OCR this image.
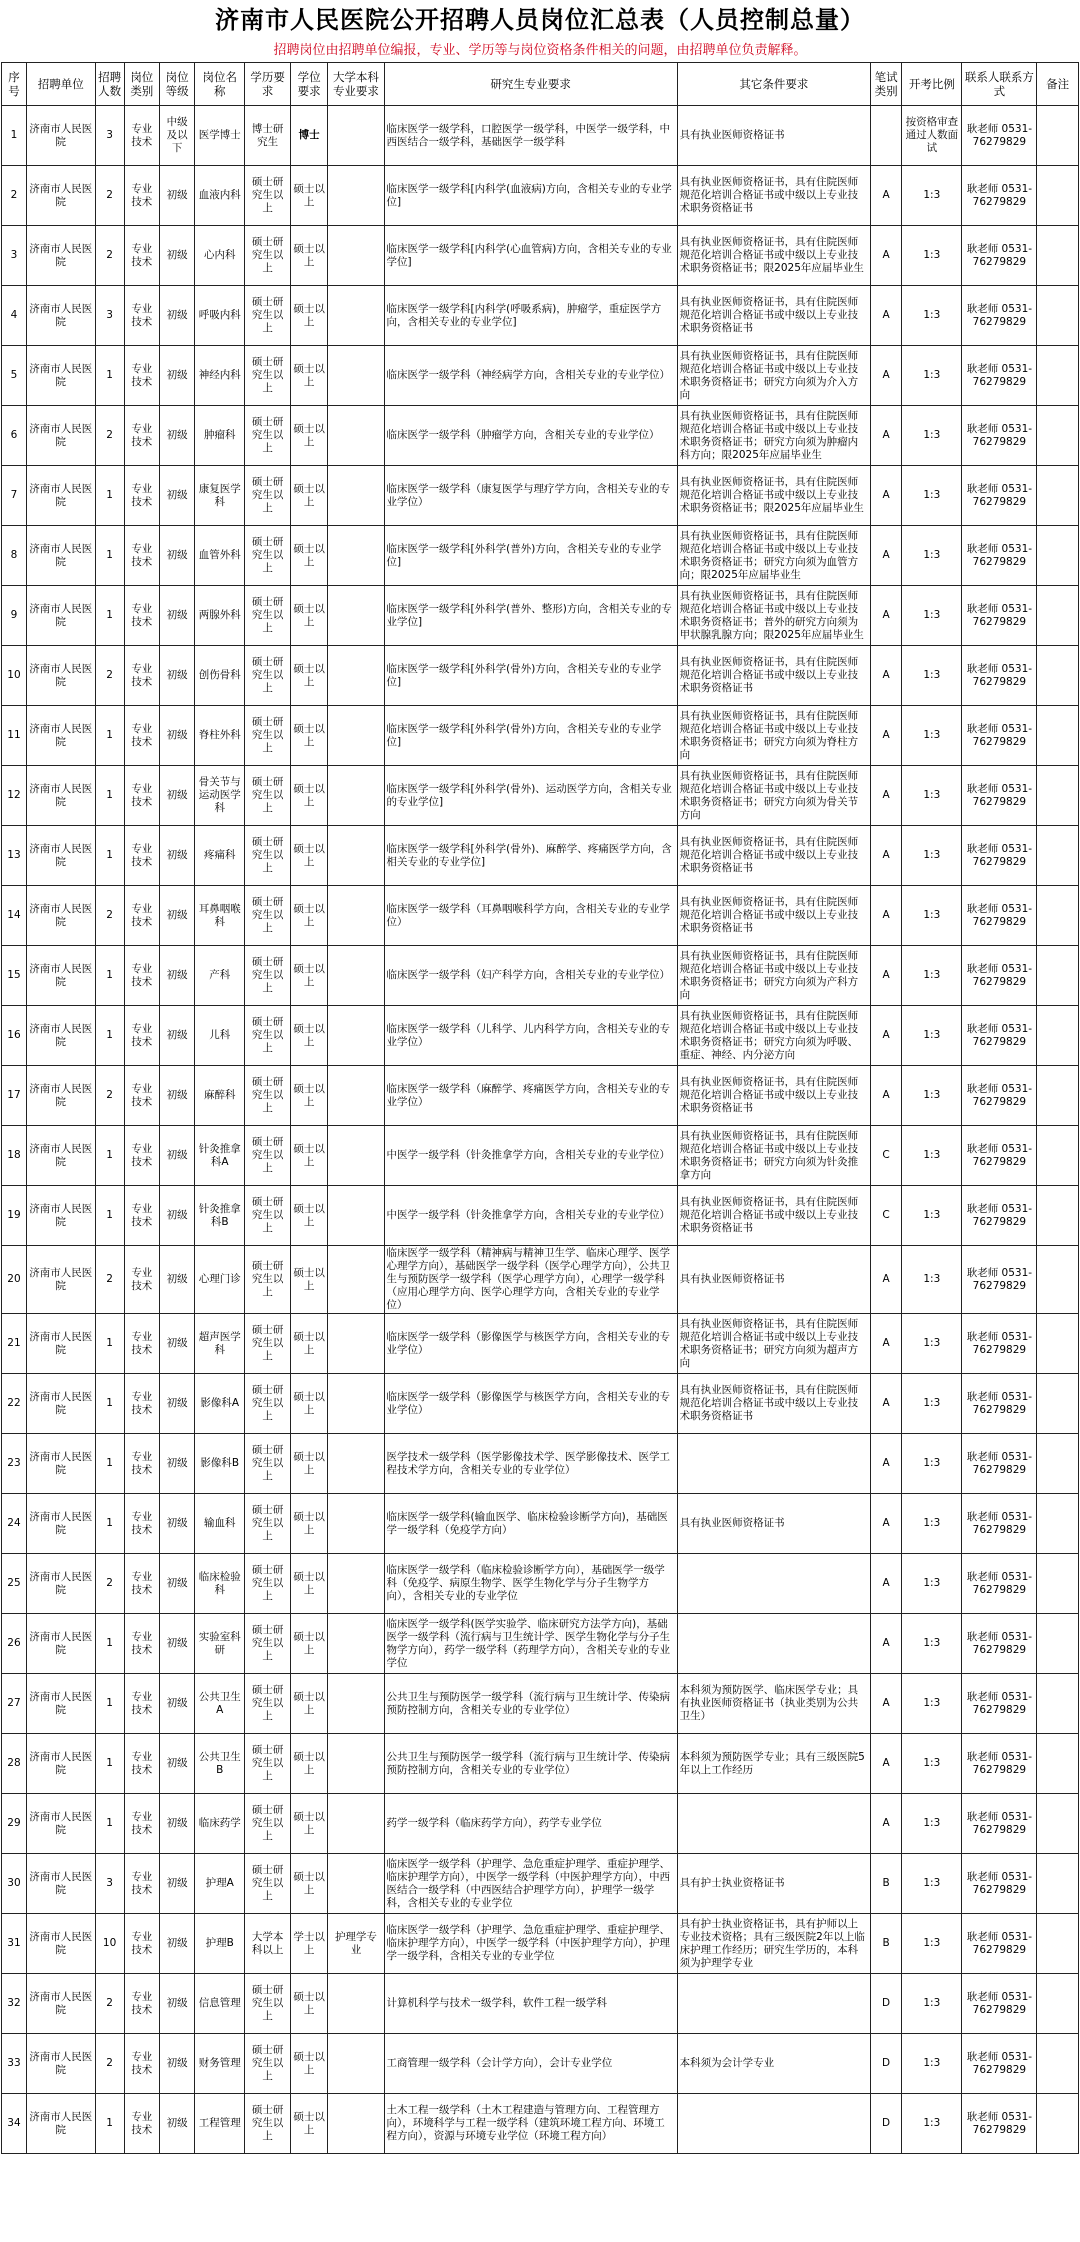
济南市人民医院公开招聘人员岗位汇总表（人员控制总量）
招聘岗位由招聘单位编报，专业、学历等与岗位资格条件相关的问题，由招聘单位负责解释。
序号	招聘单位	招聘人数	岗位类别	岗位等级	岗位名称	学历要求	学位要求	大学本科专业要求	研究生专业要求	其它条件要求	笔试类别	开考比例	联系人联系方式	备注
1	济南市人民医院	3	专业技术	中级及以下	医学博士	博士研究生	博士		临床医学一级学科，口腔医学一级学科，中医学一级学科，中西医结合一级学科，基础医学一级学科	具有执业医师资格证书		按资格审查通过人数面试	耿老师 0531-76279829	
2	济南市人民医院	2	专业技术	初级	血液内科	硕士研究生以上	硕士以上		临床医学一级学科[内科学(血液病)方向，含相关专业的专业学位]	具有执业医师资格证书，具有住院医师规范化培训合格证书或中级以上专业技术职务资格证书	A	1:3	耿老师 0531-76279829	
3	济南市人民医院	2	专业技术	初级	心内科	硕士研究生以上	硕士以上		临床医学一级学科[内科学(心血管病)方向，含相关专业的专业学位]	具有执业医师资格证书，具有住院医师规范化培训合格证书或中级以上专业技术职务资格证书；限2025年应届毕业生	A	1:3	耿老师 0531-76279829	
4	济南市人民医院	3	专业技术	初级	呼吸内科	硕士研究生以上	硕士以上		临床医学一级学科[内科学(呼吸系病)，肿瘤学，重症医学方向，含相关专业的专业学位]	具有执业医师资格证书，具有住院医师规范化培训合格证书或中级以上专业技术职务资格证书	A	1:3	耿老师 0531-76279829	
5	济南市人民医院	1	专业技术	初级	神经内科	硕士研究生以上	硕士以上		临床医学一级学科（神经病学方向，含相关专业的专业学位）	具有执业医师资格证书，具有住院医师规范化培训合格证书或中级以上专业技术职务资格证书；研究方向须为介入方向	A	1:3	耿老师 0531-76279829	
6	济南市人民医院	2	专业技术	初级	肿瘤科	硕士研究生以上	硕士以上		临床医学一级学科（肿瘤学方向，含相关专业的专业学位）	具有执业医师资格证书，具有住院医师规范化培训合格证书或中级以上专业技术职务资格证书；研究方向须为肿瘤内科方向；限2025年应届毕业生	A	1:3	耿老师 0531-76279829	
7	济南市人民医院	1	专业技术	初级	康复医学科	硕士研究生以上	硕士以上		临床医学一级学科（康复医学与理疗学方向，含相关专业的专业学位）	具有执业医师资格证书，具有住院医师规范化培训合格证书或中级以上专业技术职务资格证书；限2025年应届毕业生	A	1:3	耿老师 0531-76279829	
8	济南市人民医院	1	专业技术	初级	血管外科	硕士研究生以上	硕士以上		临床医学一级学科[外科学(普外)方向，含相关专业的专业学位]	具有执业医师资格证书，具有住院医师规范化培训合格证书或中级以上专业技术职务资格证书；研究方向须为血管方向；限2025年应届毕业生	A	1:3	耿老师 0531-76279829	
9	济南市人民医院	1	专业技术	初级	两腺外科	硕士研究生以上	硕士以上		临床医学一级学科[外科学(普外、整形)方向，含相关专业的专业学位]	具有执业医师资格证书，具有住院医师规范化培训合格证书或中级以上专业技术职务资格证书；普外的研究方向须为甲状腺乳腺方向；限2025年应届毕业生	A	1:3	耿老师 0531-76279829	
10	济南市人民医院	2	专业技术	初级	创伤骨科	硕士研究生以上	硕士以上		临床医学一级学科[外科学(骨外)方向，含相关专业的专业学位]	具有执业医师资格证书，具有住院医师规范化培训合格证书或中级以上专业技术职务资格证书	A	1:3	耿老师 0531-76279829	
11	济南市人民医院	1	专业技术	初级	脊柱外科	硕士研究生以上	硕士以上		临床医学一级学科[外科学(骨外)方向，含相关专业的专业学位]	具有执业医师资格证书，具有住院医师规范化培训合格证书或中级以上专业技术职务资格证书；研究方向须为脊柱方向	A	1:3	耿老师 0531-76279829	
12	济南市人民医院	1	专业技术	初级	骨关节与运动医学科	硕士研究生以上	硕士以上		临床医学一级学科[外科学(骨外)、运动医学方向，含相关专业的专业学位]	具有执业医师资格证书，具有住院医师规范化培训合格证书或中级以上专业技术职务资格证书；研究方向须为骨关节方向	A	1:3	耿老师 0531-76279829	
13	济南市人民医院	1	专业技术	初级	疼痛科	硕士研究生以上	硕士以上		临床医学一级学科[外科学(骨外)、麻醉学、疼痛医学方向，含相关专业的专业学位]	具有执业医师资格证书，具有住院医师规范化培训合格证书或中级以上专业技术职务资格证书	A	1:3	耿老师 0531-76279829	
14	济南市人民医院	2	专业技术	初级	耳鼻咽喉科	硕士研究生以上	硕士以上		临床医学一级学科（耳鼻咽喉科学方向，含相关专业的专业学位）	具有执业医师资格证书，具有住院医师规范化培训合格证书或中级以上专业技术职务资格证书	A	1:3	耿老师 0531-76279829	
15	济南市人民医院	1	专业技术	初级	产科	硕士研究生以上	硕士以上		临床医学一级学科（妇产科学方向，含相关专业的专业学位）	具有执业医师资格证书，具有住院医师规范化培训合格证书或中级以上专业技术职务资格证书；研究方向须为产科方向	A	1:3	耿老师 0531-76279829	
16	济南市人民医院	1	专业技术	初级	儿科	硕士研究生以上	硕士以上		临床医学一级学科（儿科学、儿内科学方向，含相关专业的专业学位）	具有执业医师资格证书，具有住院医师规范化培训合格证书或中级以上专业技术职务资格证书；研究方向须为呼吸、重症、神经、内分泌方向	A	1:3	耿老师 0531-76279829	
17	济南市人民医院	2	专业技术	初级	麻醉科	硕士研究生以上	硕士以上		临床医学一级学科（麻醉学、疼痛医学方向，含相关专业的专业学位）	具有执业医师资格证书，具有住院医师规范化培训合格证书或中级以上专业技术职务资格证书	A	1:3	耿老师 0531-76279829	
18	济南市人民医院	1	专业技术	初级	针灸推拿科A	硕士研究生以上	硕士以上		中医学一级学科（针灸推拿学方向，含相关专业的专业学位）	具有执业医师资格证书，具有住院医师规范化培训合格证书或中级以上专业技术职务资格证书；研究方向须为针灸推拿方向	C	1:3	耿老师 0531-76279829	
19	济南市人民医院	1	专业技术	初级	针灸推拿科B	硕士研究生以上	硕士以上		中医学一级学科（针灸推拿学方向，含相关专业的专业学位）	具有执业医师资格证书，具有住院医师规范化培训合格证书或中级以上专业技术职务资格证书	C	1:3	耿老师 0531-76279829	
20	济南市人民医院	2	专业技术	初级	心理门诊	硕士研究生以上	硕士以上		临床医学一级学科（精神病与精神卫生学、临床心理学、医学心理学方向），基础医学一级学科（医学心理学方向），公共卫生与预防医学一级学科（医学心理学方向），心理学一级学科（应用心理学方向、医学心理学方向，含相关专业的专业学位）	具有执业医师资格证书	A	1:3	耿老师 0531-76279829	
21	济南市人民医院	1	专业技术	初级	超声医学科	硕士研究生以上	硕士以上		临床医学一级学科（影像医学与核医学方向，含相关专业的专业学位）	具有执业医师资格证书，具有住院医师规范化培训合格证书或中级以上专业技术职务资格证书；研究方向须为超声方向	A	1:3	耿老师 0531-76279829	
22	济南市人民医院	1	专业技术	初级	影像科A	硕士研究生以上	硕士以上		临床医学一级学科（影像医学与核医学方向，含相关专业的专业学位）	具有执业医师资格证书，具有住院医师规范化培训合格证书或中级以上专业技术职务资格证书	A	1:3	耿老师 0531-76279829	
23	济南市人民医院	1	专业技术	初级	影像科B	硕士研究生以上	硕士以上		医学技术一级学科（医学影像技术学、医学影像技术、医学工程技术学方向，含相关专业的专业学位）		A	1:3	耿老师 0531-76279829	
24	济南市人民医院	1	专业技术	初级	输血科	硕士研究生以上	硕士以上		临床医学一级学科(输血医学、临床检验诊断学方向)，基础医学一级学科（免疫学方向）	具有执业医师资格证书	A	1:3	耿老师 0531-76279829	
25	济南市人民医院	2	专业技术	初级	临床检验科	硕士研究生以上	硕士以上		临床医学一级学科（临床检验诊断学方向），基础医学一级学科（免疫学、病原生物学、医学生物化学与分子生物学方向），含相关专业的专业学位		A	1:3	耿老师 0531-76279829	
26	济南市人民医院	1	专业技术	初级	实验室科研	硕士研究生以上	硕士以上		临床医学一级学科(医学实验学、临床研究方法学方向)，基础医学一级学科（流行病与卫生统计学、医学生物化学与分子生物学方向），药学一级学科（药理学方向），含相关专业的专业学位		A	1:3	耿老师 0531-76279829	
27	济南市人民医院	1	专业技术	初级	公共卫生A	硕士研究生以上	硕士以上		公共卫生与预防医学一级学科（流行病与卫生统计学、传染病预防控制方向，含相关专业的专业学位）	本科须为预防医学、临床医学专业；具有执业医师资格证书（执业类别为公共卫生）	A	1:3	耿老师 0531-76279829	
28	济南市人民医院	1	专业技术	初级	公共卫生B	硕士研究生以上	硕士以上		公共卫生与预防医学一级学科（流行病与卫生统计学、传染病预防控制方向，含相关专业的专业学位）	本科须为预防医学专业；具有三级医院5年以上工作经历	A	1:3	耿老师 0531-76279829	
29	济南市人民医院	1	专业技术	初级	临床药学	硕士研究生以上	硕士以上		药学一级学科（临床药学方向），药学专业学位		A	1:3	耿老师 0531-76279829	
30	济南市人民医院	3	专业技术	初级	护理A	硕士研究生以上	硕士以上		临床医学一级学科（护理学、急危重症护理学、重症护理学、临床护理学方向），中医学一级学科（中医护理学方向），中西医结合一级学科（中西医结合护理学方向），护理学一级学科，含相关专业的专业学位	具有护士执业资格证书	B	1:3	耿老师 0531-76279829	
31	济南市人民医院	10	专业技术	初级	护理B	大学本科以上	学士以上	护理学专业	临床医学一级学科（护理学、急危重症护理学、重症护理学、临床护理学方向），中医学一级学科（中医护理学方向），护理学一级学科，含相关专业的专业学位	具有护士执业资格证书，具有护师以上专业技术资格；具有三级医院2年以上临床护理工作经历；研究生学历的，本科须为护理学专业	B	1:3	耿老师 0531-76279829	
32	济南市人民医院	2	专业技术	初级	信息管理	硕士研究生以上	硕士以上		计算机科学与技术一级学科，软件工程一级学科		D	1:3	耿老师 0531-76279829	
33	济南市人民医院	2	专业技术	初级	财务管理	硕士研究生以上	硕士以上		工商管理一级学科（会计学方向），会计专业学位	本科须为会计学专业	D	1:3	耿老师 0531-76279829	
34	济南市人民医院	1	专业技术	初级	工程管理	硕士研究生以上	硕士以上		土木工程一级学科（土木工程建造与管理方向、工程管理方向），环境科学与工程一级学科（建筑环境工程方向、环境工程方向），资源与环境专业学位（环境工程方向）		D	1:3	耿老师 0531-76279829	
